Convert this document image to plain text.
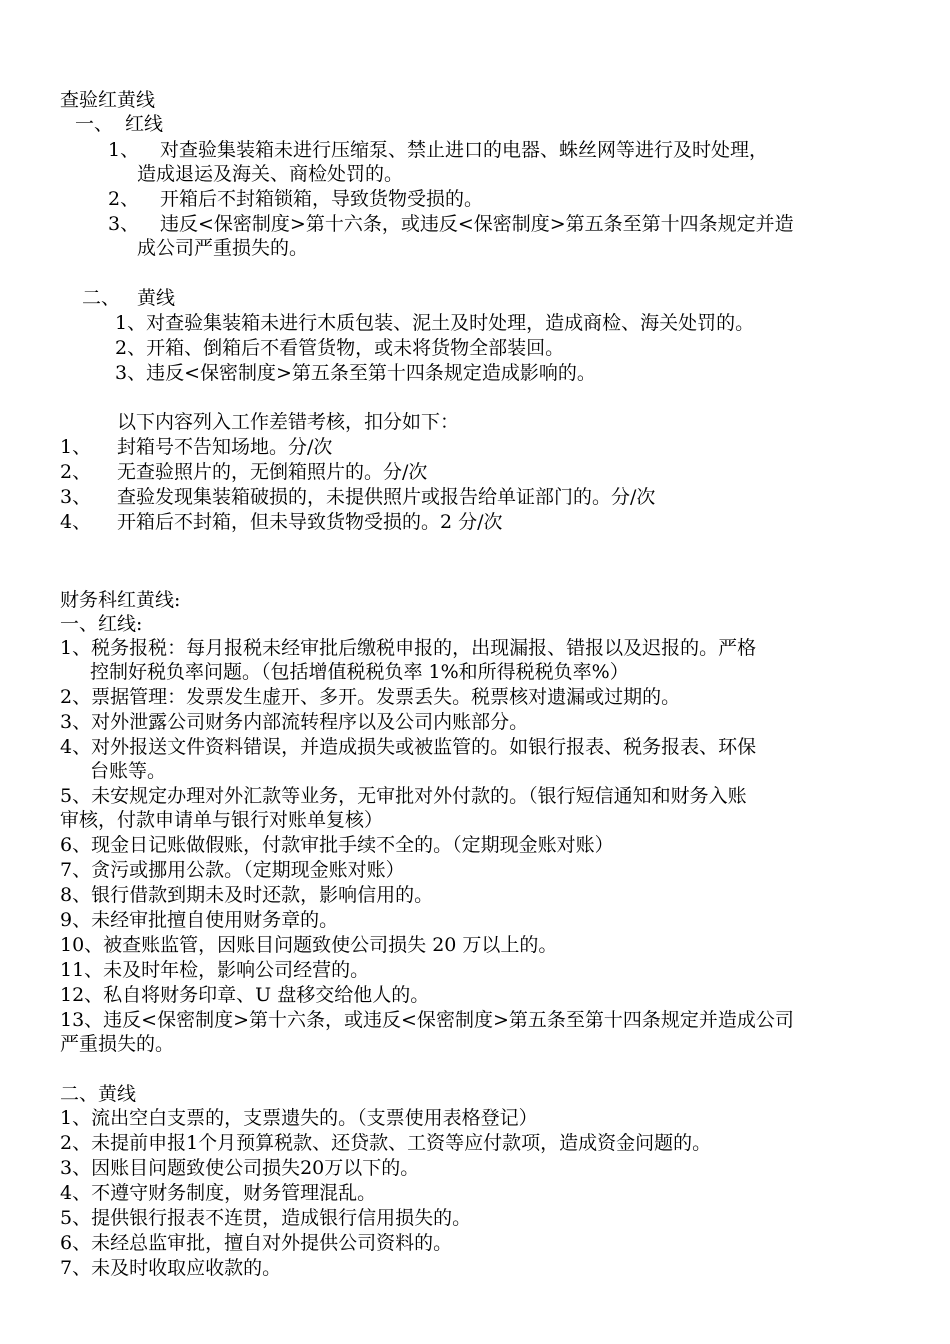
查验红黄线
一、 红线
1、 对查验集装箱未进行压缩泵、禁止进口的电器、蛛丝网等进行及时处理，
造成退运及海关、商检处罚的。
2、 开箱后不封箱锁箱，导致货物受损的。
3、 违反<保密制度>第十六条，或违反<保密制度>第五条至第十四条规定并造
成公司严重损失的。
二、 黄线
1、对查验集装箱未进行木质包装、泥土及时处理，造成商检、海关处罚的。
2、开箱、倒箱后不看管货物，或未将货物全部装回。
3、违反<保密制度>第五条至第十四条规定造成影响的。
以下内容列入工作差错考核，扣分如下：
1、 封箱号不告知场地。分/次
2、 无查验照片的，无倒箱照片的。分/次
3、 查验发现集装箱破损的，未提供照片或报告给单证部门的。分/次
4、 开箱后不封箱，但未导致货物受损的。2 分/次
财务科红黄线:
一、红线:
1、税务报税：每月报税未经审批后缴税申报的，出现漏报、错报以及迟报的。严格
控制好税负率问题。（包括增值税税负率 1%和所得税税负率%）
2、票据管理：发票发生虚开、多开。发票丢失。税票核对遗漏或过期的。
3、对外泄露公司财务内部流转程序以及公司内账部分。
4、对外报送文件资料错误，并造成损失或被监管的。如银行报表、税务报表、环保
台账等。
5、未安规定办理对外汇款等业务，无审批对外付款的。（银行短信通知和财务入账
审核，付款申请单与银行对账单复核）
6、现金日记账做假账，付款审批手续不全的。（定期现金账对账）
7、贪污或挪用公款。（定期现金账对账）
8、银行借款到期未及时还款，影响信用的。
9、未经审批擅自使用财务章的。
10、被查账监管，因账目问题致使公司损失 20 万以上的。
11、未及时年检，影响公司经营的。
12、私自将财务印章、U 盘移交给他人的。
13、违反<保密制度>第十六条，或违反<保密制度>第五条至第十四条规定并造成公司
严重损失的。
二、黄线
1、流出空白支票的，支票遗失的。（支票使用表格登记）
2、未提前申报1个月预算税款、还贷款、工资等应付款项，造成资金问题的。
3、因账目问题致使公司损失20万以下的。
4、不遵守财务制度，财务管理混乱。
5、提供银行报表不连贯，造成银行信用损失的。
6、未经总监审批，擅自对外提供公司资料的。
7、未及时收取应收款的。
